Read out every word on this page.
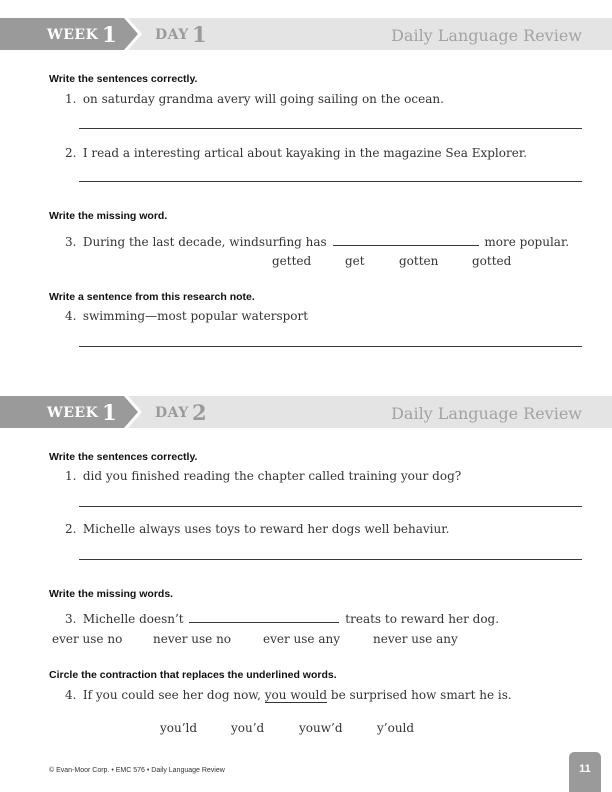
WEEK 1	DAY 1	Daily Language Review
Write the sentences correctly.
1. on saturday grandma avery will going sailing on the ocean.
2. I read a interesting artical about kayaking in the magazine Sea Explorer.
Write the missing word.
3. During the last decade, windsurfing has	more popular.
getted	get	gotten	gotted
Write a sentence from this research note.
4. swimming—most popular watersport
WEEK 1	DAY 2	Daily Language Review
Write the sentences correctly.
1. did you finished reading the chapter called training your dog?
2. Michelle always uses toys to reward her dogs well behaviur.
Write the missing words.
3. Michelle doesn’t	treats to reward her dog.
ever use no	never use no	ever use any	never use any
Circle the contraction that replaces the underlined words.
4. If you could see her dog now, you would be surprised how smart he is.
you’ld	you’d	youw’d	y’ould
© Evan-Moor Corp. • EMC 576 • Daily Language Review	11
